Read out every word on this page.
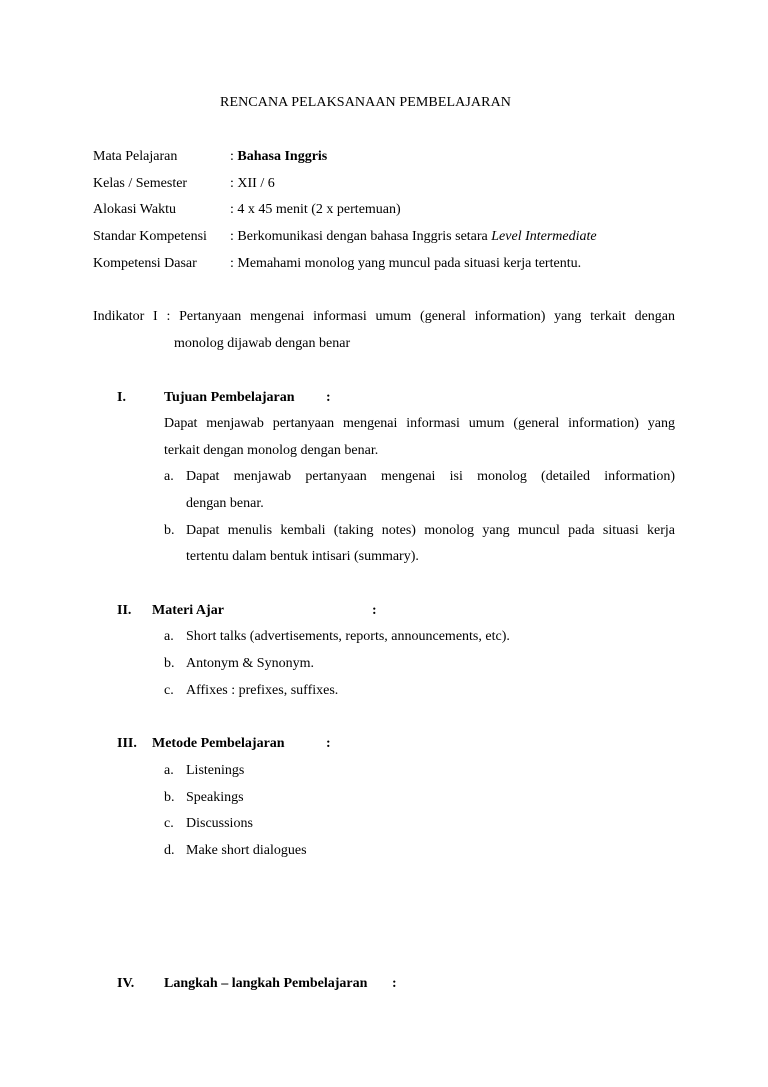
RENCANA PELAKSANAAN PEMBELAJARAN
Mata Pelajaran	: Bahasa Inggris
Kelas / Semester	: XII / 6
Alokasi Waktu	: 4 x 45 menit (2 x pertemuan)
Standar Kompetensi : Berkomunikasi dengan bahasa Inggris setara Level Intermediate
Kompetensi Dasar : Memahami monolog yang muncul pada situasi kerja tertentu.
Indikator I : Pertanyaan mengenai informasi umum (general information) yang terkait dengan
monolog dijawab dengan benar
I.	Tujuan Pembelajaran :
Dapat menjawab pertanyaan mengenai informasi umum (general information) yang
terkait dengan monolog dengan benar.
a. Dapat menjawab pertanyaan mengenai isi monolog (detailed information)
dengan benar.
b. Dapat menulis kembali (taking notes) monolog yang muncul pada situasi kerja
tertentu dalam bentuk intisari (summary).
II. Materi Ajar	:
a. Short talks (advertisements, reports, announcements, etc).
b. Antonym & Synonym.
c. Affixes : prefixes, suffixes.
III. Metode Pembelajaran	:
a. Listenings
b. Speakings
c. Discussions
d. Make short dialogues
IV. Langkah – langkah Pembelajaran :
